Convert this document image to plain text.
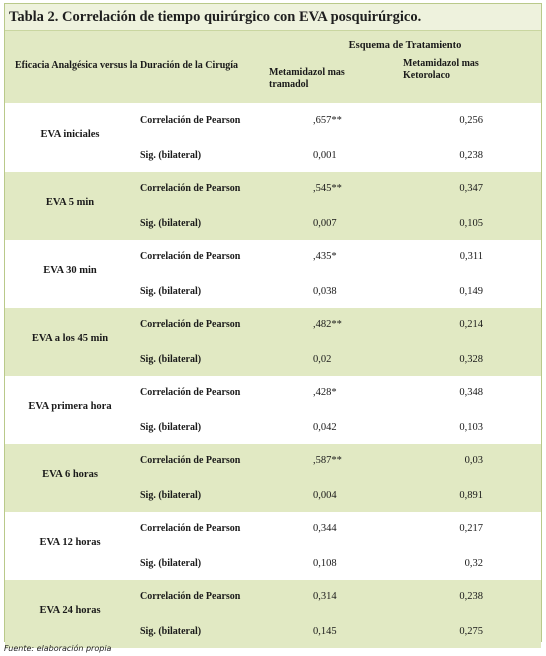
Tabla 2. Correlación de tiempo quirúrgico con EVA posquirúrgico.
Eficacia Analgésica versus la Duración de la Cirugía
Esquema de Tratamiento
Metamidazol mas tramadol
Metamidazol mas Ketorolaco
EVA iniciales
Correlación de Pearson	,657**	0,256
Sig. (bilateral)	0,001	0,238
EVA 5 min
Correlación de Pearson	,545**	0,347
Sig. (bilateral)	0,007	0,105
EVA 30 min
Correlación de Pearson	,435*	0,311
Sig. (bilateral)	0,038	0,149
EVA a los 45 min
Correlación de Pearson	,482**	0,214
Sig. (bilateral)	0,02	0,328
EVA primera hora
Correlación de Pearson	,428*	0,348
Sig. (bilateral)	0,042	0,103
EVA 6 horas
Correlación de Pearson	,587**	0,03
Sig. (bilateral)	0,004	0,891
EVA 12 horas
Correlación de Pearson	0,344	0,217
Sig. (bilateral)	0,108	0,32
EVA 24 horas
Correlación de Pearson	0,314	0,238
Sig. (bilateral)	0,145	0,275
Fuente: elaboración propia
